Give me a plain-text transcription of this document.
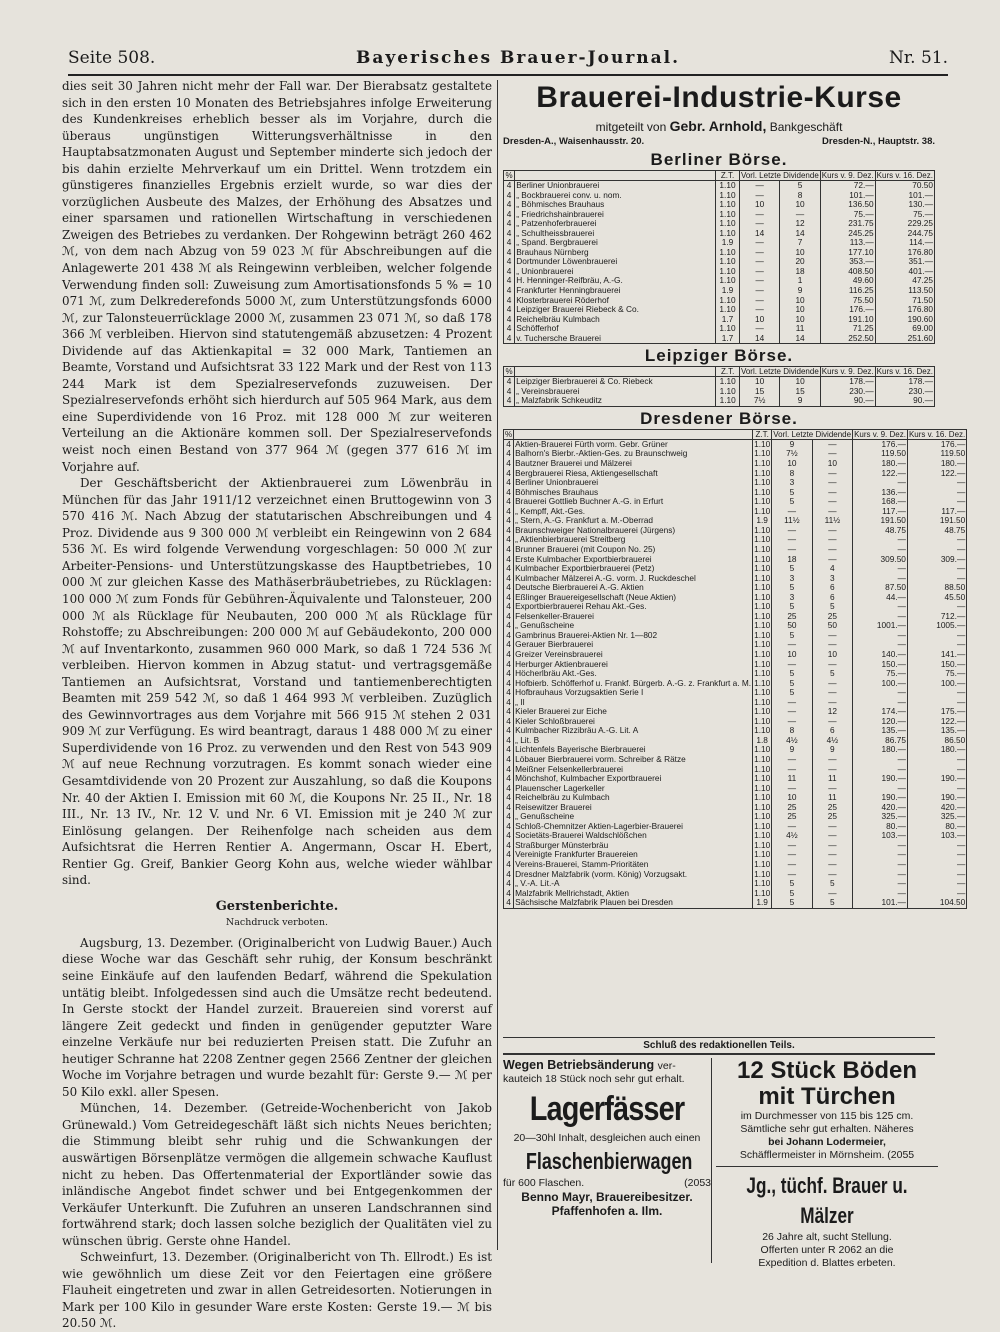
Seite 508.	Bayerisches Brauer-Journal.	Nr. 51.

dies seit 30 Jahren nicht mehr der Fall war. Der Bierabsatz gestaltete sich in den ersten 10 Monaten des Betriebsjahres infolge Erweiterung des Kundenkreises erheblich besser als im Vorjahre, durch die überaus ungünstigen Witterungsverhältnisse in den Hauptabsatzmonaten August und September minderte sich jedoch der bis dahin erzielte Mehrverkauf um ein Drittel. Wenn trotzdem ein günstigeres finanzielles Ergebnis erzielt wurde, so war dies der vorzüglichen Ausbeute des Malzes, der Erhöhung des Absatzes und einer sparsamen und rationellen Wirtschaftung in verschiedenen Zweigen des Betriebes zu verdanken. Der Rohgewinn beträgt 260 462 ℳ, von dem nach Abzug von 59 023 ℳ für Abschreibungen auf die Anlagewerte 201 438 ℳ als Reingewinn verbleiben, welcher folgende Verwendung finden soll: Zuweisung zum Amortisationsfonds 5 % = 10 071 ℳ, zum Delkrederefonds 5000 ℳ, zum Unterstützungsfonds 6000 ℳ, zur Talonsteuerrücklage 2000 ℳ, zusammen 23 071 ℳ, so daß 178 366 ℳ verbleiben. Hiervon sind statutengemäß abzusetzen: 4 Prozent Dividende auf das Aktienkapital = 32 000 Mark, Tantiemen an Beamte, Vorstand und Aufsichtsrat 33 122 Mark und der Rest von 113 244 Mark ist dem Spezialreservefonds zuzuweisen. Der Spezialreservefonds erhöht sich hierdurch auf 505 964 Mark, aus dem eine Superdividende von 16 Proz. mit 128 000 ℳ zur weiteren Verteilung an die Aktionäre kommen soll. Der Spezialreservefonds weist noch einen Bestand von 377 964 ℳ (gegen 377 616 ℳ im Vorjahre auf.

Der Geschäftsbericht der Aktienbrauerei zum Löwenbräu in München für das Jahr 1911/12 verzeichnet einen Bruttogewinn von 3 570 416 ℳ. Nach Abzug der statutarischen Abschreibungen und 4 Proz. Dividende aus 9 300 000 ℳ verbleibt ein Reingewinn von 2 684 536 ℳ. Es wird folgende Verwendung vorgeschlagen: 50 000 ℳ zur Arbeiter-Pensions- und Unterstützungskasse des Hauptbetriebes, 10 000 ℳ zur gleichen Kasse des Mathäserbräubetriebes, zu Rücklagen: 100 000 ℳ zum Fonds für Gebühren-Äquivalente und Talonsteuer, 200 000 ℳ als Rücklage für Neubauten, 200 000 ℳ als Rücklage für Rohstoffe; zu Abschreibungen: 200 000 ℳ auf Gebäudekonto, 200 000 ℳ auf Inventarkonto, zusammen 960 000 Mark, so daß 1 724 536 ℳ verbleiben. Hiervon kommen in Abzug statut- und vertragsgemäße Tantiemen an Aufsichtsrat, Vorstand und tantiemenberechtigten Beamten mit 259 542 ℳ, so daß 1 464 993 ℳ verbleiben. Zuzüglich des Gewinnvortrages aus dem Vorjahre mit 566 915 ℳ stehen 2 031 909 ℳ zur Verfügung. Es wird beantragt, daraus 1 488 000 ℳ zu einer Superdividende von 16 Proz. zu verwenden und den Rest von 543 909 ℳ auf neue Rechnung vorzutragen. Es kommt sonach wieder eine Gesamtdividende von 20 Prozent zur Auszahlung, so daß die Koupons Nr. 40 der Aktien I. Emission mit 60 ℳ, die Koupons Nr. 25 II., Nr. 18 III., Nr. 13 IV., Nr. 12 V. und Nr. 6 VI. Emission mit je 240 ℳ zur Einlösung gelangen. Der Reihenfolge nach scheiden aus dem Aufsichtsrat die Herren Rentier A. Angermann, Oscar H. Ebert, Rentier Gg. Greif, Bankier Georg Kohn aus, welche wieder wählbar sind.

Gerstenberichte.

Nachdruck verboten.

Augsburg, 13. Dezember. (Originalbericht von Ludwig Bauer.) Auch diese Woche war das Geschäft sehr ruhig, der Konsum beschränkt seine Einkäufe auf den laufenden Bedarf, während die Spekulation untätig bleibt. Infolgedessen sind auch die Umsätze recht bedeutend. In Gerste stockt der Handel zurzeit. Brauereien sind vorerst auf längere Zeit gedeckt und finden in genügender geputzter Ware einzelne Verkäufe nur bei reduzierten Preisen statt. Die Zufuhr an heutiger Schranne hat 2208 Zentner gegen 2566 Zentner der gleichen Woche im Vorjahre betragen und wurde bezahlt für: Gerste 9.— ℳ per 50 Kilo exkl. aller Spesen.

München, 14. Dezember. (Getreide-Wochenbericht von Jakob Grünewald.) Vom Getreidegeschäft läßt sich nichts Neues berichten; die Stimmung bleibt sehr ruhig und die Schwankungen der auswärtigen Börsenplätze vermögen die allgemein schwache Kauflust nicht zu heben. Das Offertenmaterial der Exportländer sowie das inländische Angebot findet schwer und bei Entgegenkommen der Verkäufer Unterkunft. Die Zufuhren an unseren Landschrannen sind fortwährend stark; doch lassen solche beziglich der Qualitäten viel zu wünschen übrig. Gerste ohne Handel.

Schweinfurt, 13. Dezember. (Originalbericht von Th. Ellrodt.) Es ist wie gewöhnlich um diese Zeit vor den Feiertagen eine größere Flauheit eingetreten und zwar in allen Getreidesorten. Notierungen in Mark per 100 Kilo in gesunder Ware erste Kosten: Gerste 19.— ℳ bis 20.50 ℳ.

Brauerei-Industrie-Kurse
mitgeteilt von Gebr. Arnhold, Bankgeschäft
Dresden-A., Waisenhausstr. 20.	Dresden-N., Hauptstr. 38.
Berliner Börse.
%		Z.T.	Vorl. Letzte Dividende		Kurs v. 9. Dez.	Kurs v. 16. Dez.
4	Berliner Unionbrauerei	1.10	—	5	72.—	70.50
4	„ Bockbrauerei conv. u. nom.	1.10	—	8	101.—	101.—
4	„ Böhmisches Brauhaus	1.10	10	10	136.50	130.—
4	„ Friedrichshainbrauerei	1.10	—	—	75.—	75.—
4	„ Patzenhoferbrauerei	1.10	—	12	231.75	229.25
4	„ Schultheissbrauerei	1.10	14	14	245.25	244.75
4	„ Spand. Bergbrauerei	1.9	—	7	113.—	114.—
4	Brauhaus Nürnberg	1.10	—	10	177.10	176.80
4	Dortmunder Löwenbrauerei	1.10	—	20	353.—	351.—
4	„ Unionbrauerei	1.10	—	18	408.50	401.—
4	H. Henninger-Reifbräu, A.-G.	1.10	—	1	49.60	47.25
4	Frankfurter Henningbrauerei	1.9	—	9	116.25	113.50
4	Klosterbrauerei Röderhof	1.10	—	10	75.50	71.50
4	Leipziger Brauerei Riebeck & Co.	1.10	—	10	176.—	176.80
4	Reichelbräu Kulmbach	1.7	10	10	191.10	190.60
4	Schöfferhof	1.10	—	11	71.25	69.00
4	v. Tuchersche Brauerei	1.7	14	14	252.50	251.60
Leipziger Börse.
%		Z.T.	Vorl. Letzte Dividende		Kurs v. 9. Dez.	Kurs v. 16. Dez.
4	Leipziger Bierbrauerei & Co. Riebeck	1.10	10	10	178.—	178.—
4	„ Vereinsbrauerei	1.10	15	15	230.—	230.—
4	„ Malzfabrik Schkeuditz	1.10	7½	9	90.—	90.—
Dresdener Börse.
%		Z.T.	Vorl. Letzte Dividende		Kurs v. 9. Dez.	Kurs v. 16. Dez.
4	Aktien-Brauerei Fürth vorm. Gebr. Grüner	1.10	9	—	176.—	176.—
4	Balhorn's Bierbr.-Aktien-Ges. zu Braunschweig	1.10	7½	—	119.50	119.50
4	Bautzner Brauerei und Mälzerei	1.10	10	10	180.—	180.—
4	Bergbrauerei Riesa, Aktiengesellschaft	1.10	8	—	122.—	122.—
4	Berliner Unionbrauerei	1.10	3	—	—	—
4	Böhmisches Brauhaus	1.10	5	—	136.—	—
4	Brauerei Gottlieb Buchner A.-G. in Erfurt	1.10	5	—	168.—	—
4	„ Kempff, Akt.-Ges.	1.10	—	—	117.—	117.—
4	„ Stern, A.-G. Frankfurt a. M.-Oberrad	1.9	11½	11½	191.50	191.50
4	Braunschweiger Nationalbrauerei (Jürgens)	1.10	—	—	48.75	48.75
4	„ Aktienbierbrauerei Streitberg	1.10	—	—	—	—
4	Brunner Brauerei (mit Coupon No. 25)	1.10	—	—	—	—
4	Erste Kulmbacher Exportbierbrauerei	1.10	18	—	309.50	309.—
4	Kulmbacher Exportbierbrauerei (Petz)	1.10	5	4	—	—
4	Kulmbacher Mälzerei A.-G. vorm. J. Ruckdeschel	1.10	3	3	—	—
4	Deutsche Bierbrauerei A.-G. Aktien	1.10	5	6	87.50	88.50
4	Eßlinger Brauereigesellschaft (Neue Aktien)	1.10	3	6	44.—	45.50
4	Exportbierbrauerei Rehau Akt.-Ges.	1.10	5	5	—	—
4	Felsenkeller-Brauerei	1.10	25	25	—	712.—
4	„ Genußscheine	1.10	50	50	1001.—	1005.—
4	Gambrinus Brauerei-Aktien Nr. 1—802	1.10	5	—	—	—
4	Gerauer Bierbrauerei	1.10	—	—	—	—
4	Greizer Vereinsbrauerei	1.10	10	10	140.—	141.—
4	Herburger Aktienbrauerei	1.10	—	—	150.—	150.—
4	Höcherlbräu Akt.-Ges.	1.10	5	5	75.—	75.—
4	Hofbierb. Schöfferhof u. Frankf. Bürgerb. A.-G. z. Frankfurt a. M.	1.10	5	—	100.—	100.—
4	Hofbrauhaus Vorzugsaktien Serie I	1.10	5	—	—	—
4	„ II	1.10	—	—	—	—
4	Kieler Brauerei zur Eiche	1.10	—	12	174.—	175.—
4	Kieler Schloßbrauerei	1.10	—	—	120.—	122.—
4	Kulmbacher Rizzibräu A.-G. Lit. A	1.10	8	6	135.—	135.—
4	„ Lit. B	1.8	4½	4½	86.75	86.50
4	Lichtenfels Bayerische Bierbrauerei	1.10	9	9	180.—	180.—
4	Löbauer Bierbrauerei vorm. Schreiber & Rätze	1.10	—	—	—	—
4	Meißner Felsenkellerbrauerei	1.10	—	—	—	—
4	Mönchshof, Kulmbacher Exportbrauerei	1.10	11	11	190.—	190.—
4	Plauenscher Lagerkeller	1.10	—	—	—	—
4	Reichelbräu zu Kulmbach	1.10	10	11	190.—	190.—
4	Reisewitzer Brauerei	1.10	25	25	420.—	420.—
4	„ Genußscheine	1.10	25	25	325.—	325.—
4	Schloß-Chemnitzer Aktien-Lagerbier-Brauerei	1.10	—	—	80.—	80.—
4	Societäts-Brauerei Waldschlößchen	1.10	4½	—	103.—	103.—
4	Straßburger Münsterbräu	1.10	—	—	—	—
4	Vereinigte Frankfurter Brauereien	1.10	—	—	—	—
4	Vereins-Brauerei, Stamm-Prioritäten	1.10	—	—	—	—
4	Dresdner Malzfabrik (vorm. König) Vorzugsakt.	1.10	—	—	—	—
4	„ V.-A. Lit.-A	1.10	5	5	—	—
4	Malzfabrik Mellrichstadt, Aktien	1.10	5	—	—	—
4	Sächsische Malzfabrik Plauen bei Dresden	1.9	5	5	101.—	104.50
Schluß des redaktionellen Teils.
Wegen Betriebsänderung ver-
kauteich 18 Stück noch sehr gut erhalt.
Lagerfässer
20—30hl Inhalt, desgleichen auch einen
Flaschenbierwagen
für 600 Flaschen.	(2053
Benno Mayr, Brauereibesitzer.
Pfaffenhofen a. Ilm.
12 Stück Böden
mit Türchen
im Durchmesser von 115 bis 125 cm.
Sämtliche sehr gut erhalten. Näheres
bei Johann Lodermeier,
Schäfflermeister in Mörnsheim. (2055
Jg., tüchf. Brauer u. Mälzer
26 Jahre alt, sucht Stellung.
Offerten unter R 2062 an die
Expedition d. Blattes erbeten.
